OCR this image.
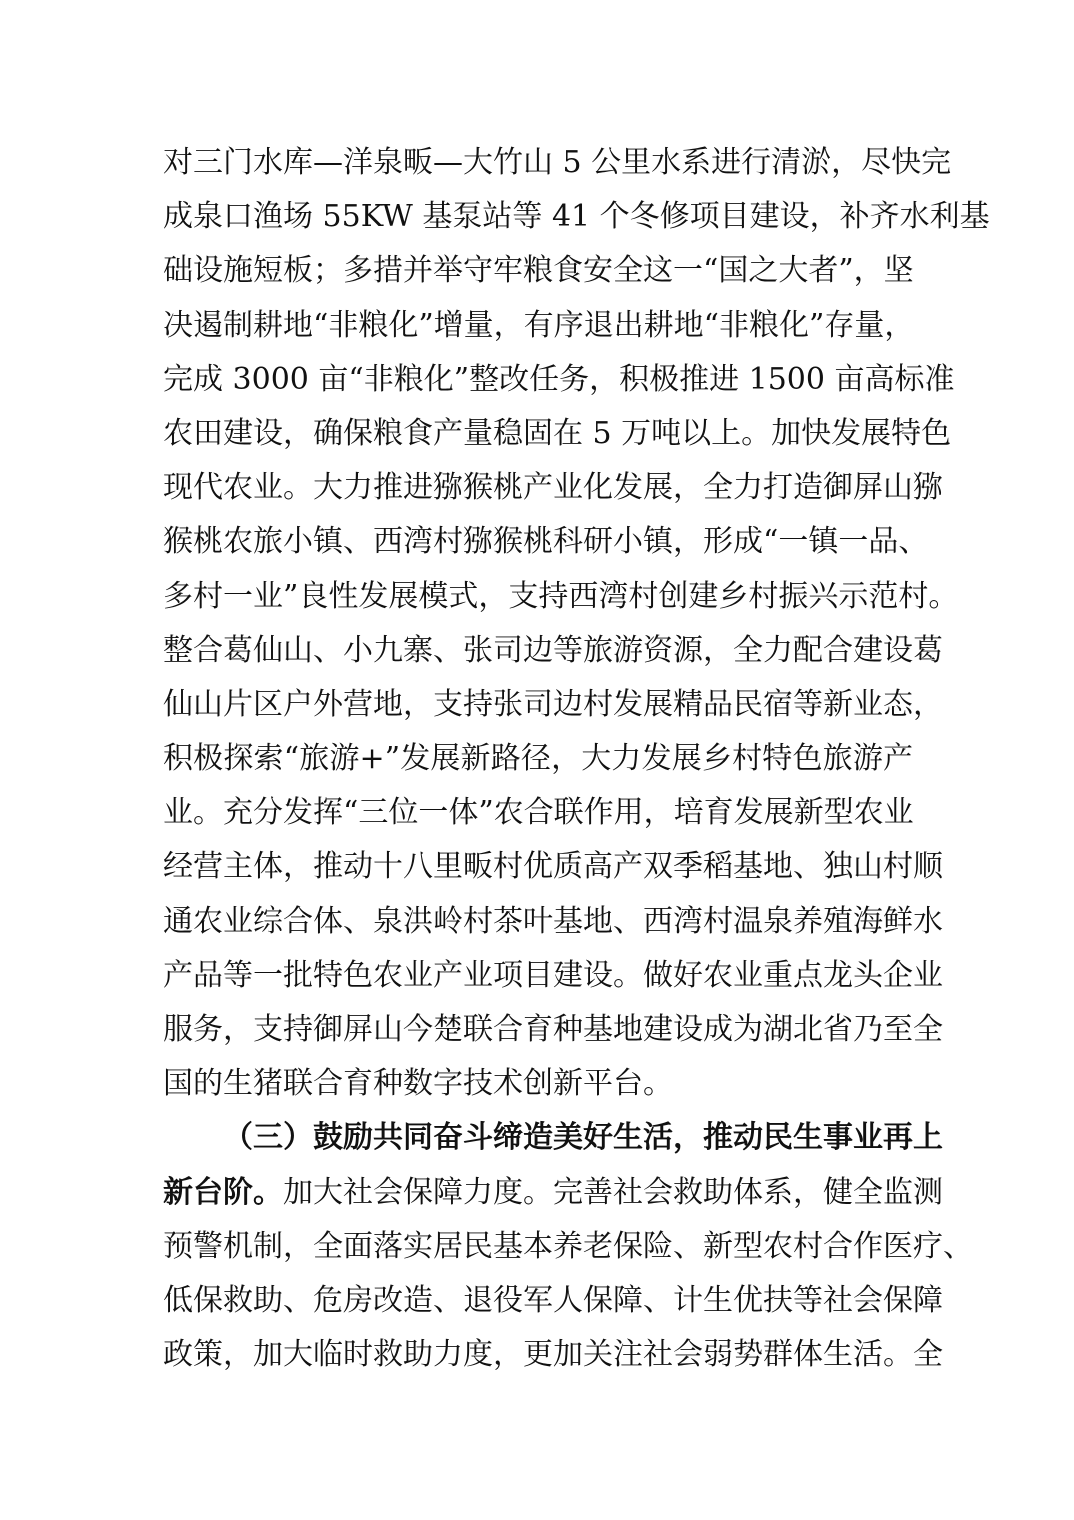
对三门水库—洋泉畈—大竹山 5 公里水系进行清淤，尽快完
成泉口渔场 55KW 基泵站等 41 个冬修项目建设，补齐水利基
础设施短板；多措并举守牢粮食安全这一“国之大者”，坚
决遏制耕地“非粮化”增量，有序退出耕地“非粮化”存量，
完成 3000 亩“非粮化”整改任务，积极推进 1500 亩高标准
农田建设，确保粮食产量稳固在 5 万吨以上。加快发展特色
现代农业。大力推进猕猴桃产业化发展，全力打造御屏山猕
猴桃农旅小镇、西湾村猕猴桃科研小镇，形成“一镇一品、
多村一业”良性发展模式，支持西湾村创建乡村振兴示范村。
整合葛仙山、小九寨、张司边等旅游资源，全力配合建设葛
仙山片区户外营地，支持张司边村发展精品民宿等新业态，
积极探索“旅游+”发展新路径，大力发展乡村特色旅游产
业。充分发挥“三位一体”农合联作用，培育发展新型农业
经营主体，推动十八里畈村优质高产双季稻基地、独山村顺
通农业综合体、泉洪岭村茶叶基地、西湾村温泉养殖海鲜水
产品等一批特色农业产业项目建设。做好农业重点龙头企业
服务，支持御屏山今楚联合育种基地建设成为湖北省乃至全
国的生猪联合育种数字技术创新平台。
（三）鼓励共同奋斗缔造美好生活，推动民生事业再上
新台阶。加大社会保障力度。完善社会救助体系，健全监测
预警机制，全面落实居民基本养老保险、新型农村合作医疗、
低保救助、危房改造、退役军人保障、计生优扶等社会保障
政策，加大临时救助力度，更加关注社会弱势群体生活。全
